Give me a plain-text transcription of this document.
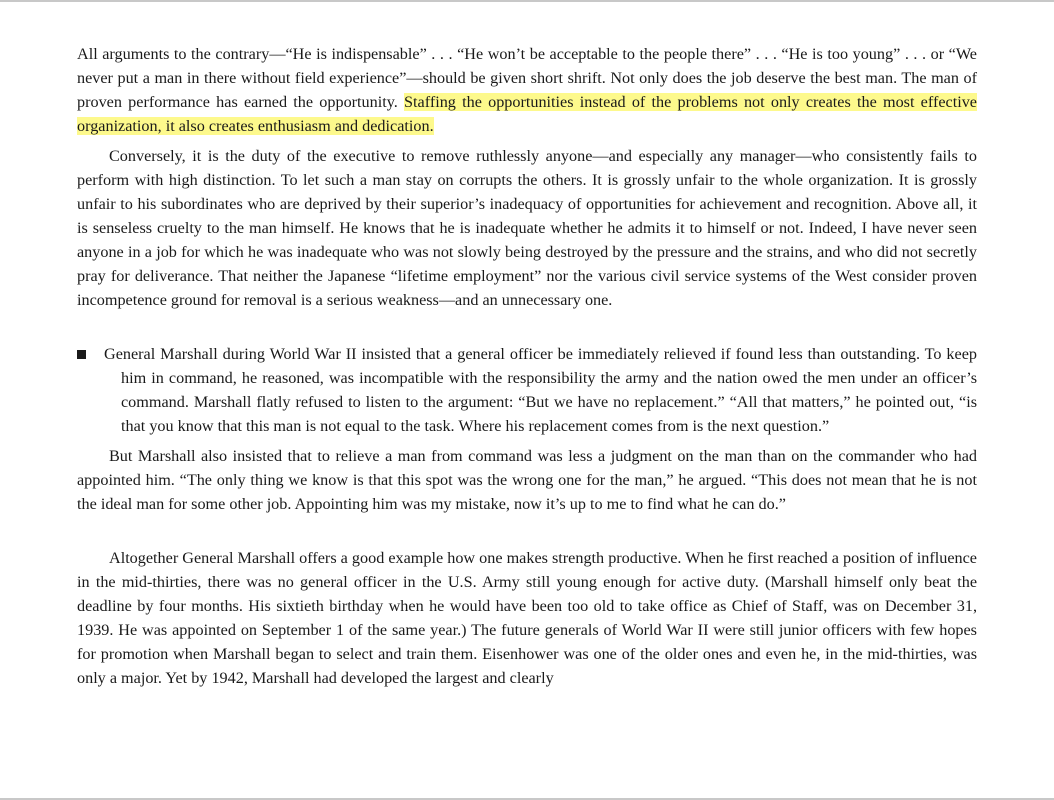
All arguments to the contrary—“He is indispensable” . . . “He won’t be acceptable to the people there” . . . “He is too young” . . . or “We never put a man in there without field experience”—should be given short shrift. Not only does the job deserve the best man. The man of proven performance has earned the opportunity. Staffing the opportunities instead of the problems not only creates the most effective organization, it also creates enthusiasm and dedication.

Conversely, it is the duty of the executive to remove ruthlessly anyone—and especially any manager—who consistently fails to perform with high distinction. To let such a man stay on corrupts the others. It is grossly unfair to the whole organization. It is grossly unfair to his subordinates who are deprived by their superior’s inadequacy of opportunities for achievement and recognition. Above all, it is senseless cruelty to the man himself. He knows that he is inadequate whether he admits it to himself or not. Indeed, I have never seen anyone in a job for which he was inadequate who was not slowly being destroyed by the pressure and the strains, and who did not secretly pray for deliverance. That neither the Japanese “lifetime employment” nor the various civil service systems of the West consider proven incompetence ground for removal is a serious weakness—and an unnecessary one.

General Marshall during World War II insisted that a general officer be immediately relieved if found less than outstanding. To keep him in command, he reasoned, was incompatible with the responsibility the army and the nation owed the men under an officer’s command. Marshall flatly refused to listen to the argument: “But we have no replacement.” “All that matters,” he pointed out, “is that you know that this man is not equal to the task. Where his replacement comes from is the next question.”

But Marshall also insisted that to relieve a man from command was less a judgment on the man than on the commander who had appointed him. “The only thing we know is that this spot was the wrong one for the man,” he argued. “This does not mean that he is not the ideal man for some other job. Appointing him was my mistake, now it’s up to me to find what he can do.”

Altogether General Marshall offers a good example how one makes strength productive. When he first reached a position of influence in the mid-thirties, there was no general officer in the U.S. Army still young enough for active duty. (Marshall himself only beat the deadline by four months. His sixtieth birthday when he would have been too old to take office as Chief of Staff, was on December 31, 1939. He was appointed on September 1 of the same year.) The future generals of World War II were still junior officers with few hopes for promotion when Marshall began to select and train them. Eisenhower was one of the older ones and even he, in the mid-thirties, was only a major. Yet by 1942, Marshall had developed the largest and clearly
